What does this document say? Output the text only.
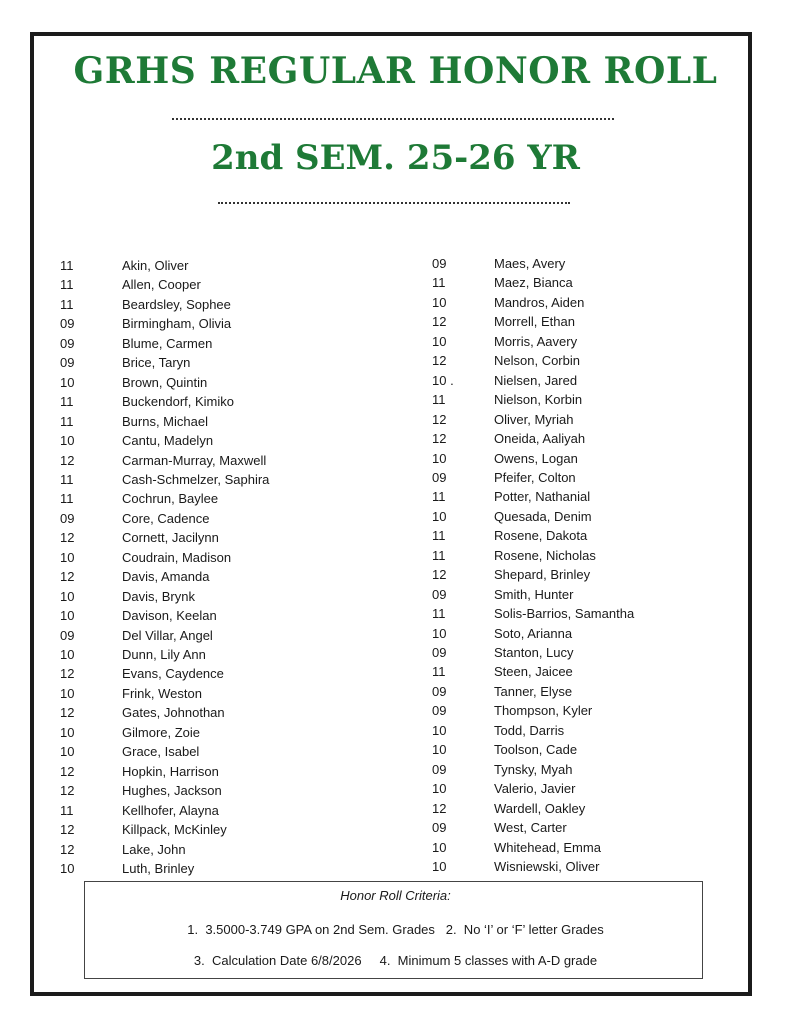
GRHS REGULAR HONOR ROLL
2nd SEM. 25-26 YR
11	Akin, Oliver
11	Allen, Cooper
11	Beardsley, Sophee
09	Birmingham, Olivia
09	Blume, Carmen
09	Brice, Taryn
10	Brown, Quintin
11	Buckendorf, Kimiko
11	Burns, Michael
10	Cantu, Madelyn
12	Carman-Murray, Maxwell
11	Cash-Schmelzer, Saphira
11	Cochrun, Baylee
09	Core, Cadence
12	Cornett, Jacilynn
10	Coudrain, Madison
12	Davis, Amanda
10	Davis, Brynk
10	Davison, Keelan
09	Del Villar, Angel
10	Dunn, Lily Ann
12	Evans, Caydence
10	Frink, Weston
12	Gates, Johnothan
10	Gilmore, Zoie
10	Grace, Isabel
12	Hopkin, Harrison
12	Hughes, Jackson
11	Kellhofer, Alayna
12	Killpack, McKinley
12	Lake, John
10	Luth, Brinley
09	Maes, Avery
11	Maez, Bianca
10	Mandros, Aiden
12	Morrell, Ethan
10	Morris, Aavery
12	Nelson, Corbin
10 .	Nielsen, Jared
11	Nielson, Korbin
12	Oliver, Myriah
12	Oneida, Aaliyah
10	Owens, Logan
09	Pfeifer, Colton
11	Potter, Nathanial
10	Quesada, Denim
11	Rosene, Dakota
11	Rosene, Nicholas
12	Shepard, Brinley
09	Smith, Hunter
11	Solis-Barrios, Samantha
10	Soto, Arianna
09	Stanton, Lucy
11	Steen, Jaicee
09	Tanner, Elyse
09	Thompson, Kyler
10	Todd, Darris
10	Toolson, Cade
09	Tynsky, Myah
10	Valerio, Javier
12	Wardell, Oakley
09	West, Carter
10	Whitehead, Emma
10	Wisniewski, Oliver
Honor Roll Criteria:
1.  3.5000-3.749 GPA on 2nd Sem. Grades   2.  No ‘I’ or ‘F’ letter Grades
3.  Calculation Date 6/8/2026     4.  Minimum 5 classes with A-D grade
